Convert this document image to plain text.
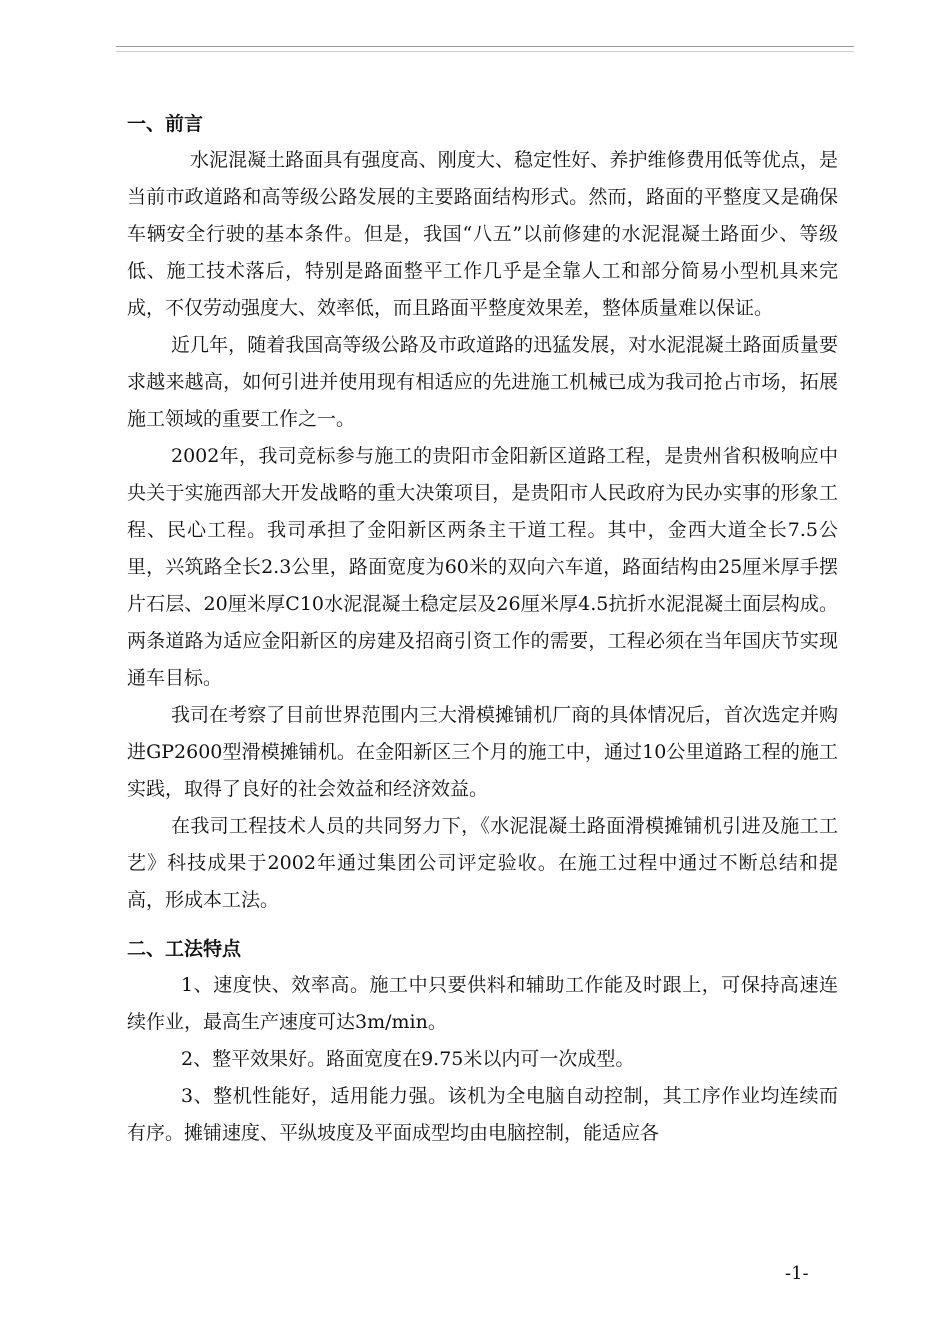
一、前言

水泥混凝土路面具有强度高、刚度大、稳定性好、养护维修费用低等优点，是当前市政道路和高等级公路发展的主要路面结构形式。然而，路面的平整度又是确保车辆安全行驶的基本条件。但是，我国“八五”以前修建的水泥混凝土路面少、等级低、施工技术落后，特别是路面整平工作几乎是全靠人工和部分简易小型机具来完成，不仅劳动强度大、效率低，而且路面平整度效果差，整体质量难以保证。

近几年，随着我国高等级公路及市政道路的迅猛发展，对水泥混凝土路面质量要求越来越高，如何引进并使用现有相适应的先进施工机械已成为我司抢占市场，拓展施工领域的重要工作之一。

2002年，我司竞标参与施工的贵阳市金阳新区道路工程，是贵州省积极响应中央关于实施西部大开发战略的重大决策项目，是贵阳市人民政府为民办实事的形象工程、民心工程。我司承担了金阳新区两条主干道工程。其中，金西大道全长7.5公里，兴筑路全长2.3公里，路面宽度为60米的双向六车道，路面结构由25厘米厚手摆片石层、20厘米厚C10水泥混凝土稳定层及26厘米厚4.5抗折水泥混凝土面层构成。两条道路为适应金阳新区的房建及招商引资工作的需要，工程必须在当年国庆节实现通车目标。

我司在考察了目前世界范围内三大滑模摊铺机厂商的具体情况后，首次选定并购进GP2600型滑模摊铺机。在金阳新区三个月的施工中，通过10公里道路工程的施工实践，取得了良好的社会效益和经济效益。

在我司工程技术人员的共同努力下，《水泥混凝土路面滑模摊铺机引进及施工工艺》科技成果于2002年通过集团公司评定验收。在施工过程中通过不断总结和提高，形成本工法。

二、工法特点

1、速度快、效率高。施工中只要供料和辅助工作能及时跟上，可保持高速连续作业，最高生产速度可达3m/min。

2、整平效果好。路面宽度在9.75米以内可一次成型。

3、整机性能好，适用能力强。该机为全电脑自动控制，其工序作业均连续而有序。摊铺速度、平纵坡度及平面成型均由电脑控制，能适应各

-1-
